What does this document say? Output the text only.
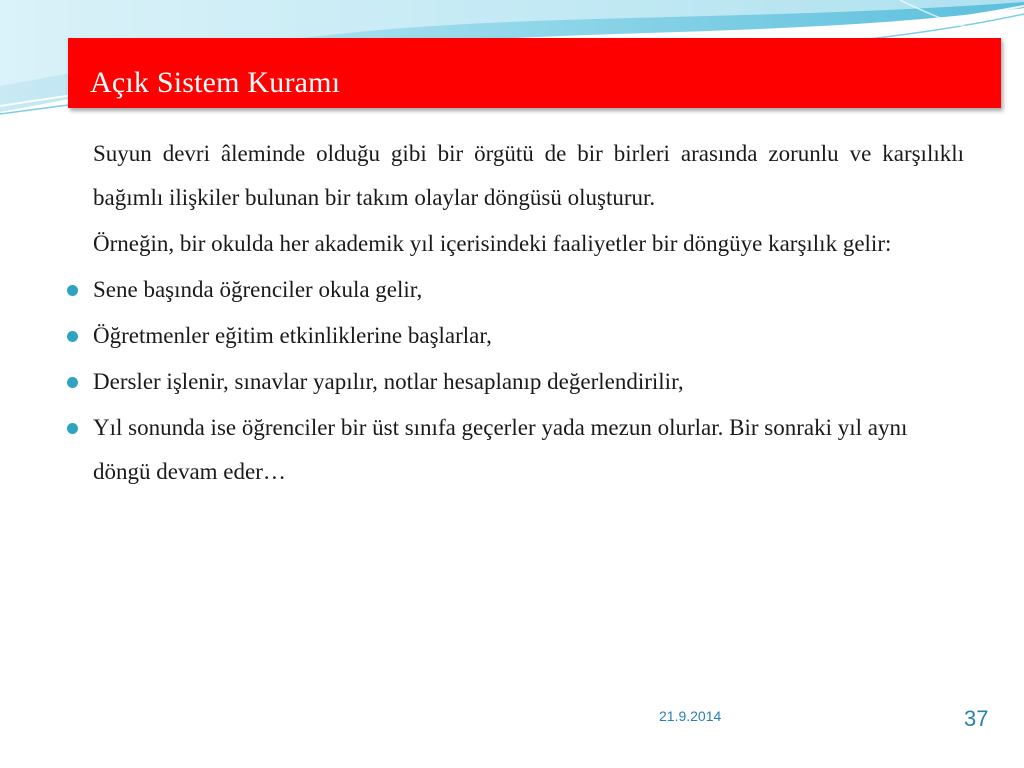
Açık Sistem Kuramı

Suyun devri âleminde olduğu gibi bir örgütü de bir birleri arasında zorunlu ve karşılıklı bağımlı ilişkiler bulunan bir takım olaylar döngüsü oluşturur.

Örneğin, bir okulda her akademik yıl içerisindeki faaliyetler bir döngüye karşılık gelir:

Sene başında öğrenciler okula gelir,
Öğretmenler eğitim etkinliklerine başlarlar,
Dersler işlenir, sınavlar yapılır, notlar hesaplanıp değerlendirilir,
Yıl sonunda ise öğrenciler bir üst sınıfa geçerler yada mezun olurlar. Bir sonraki yıl aynı döngü devam eder…
21.9.2014	37
